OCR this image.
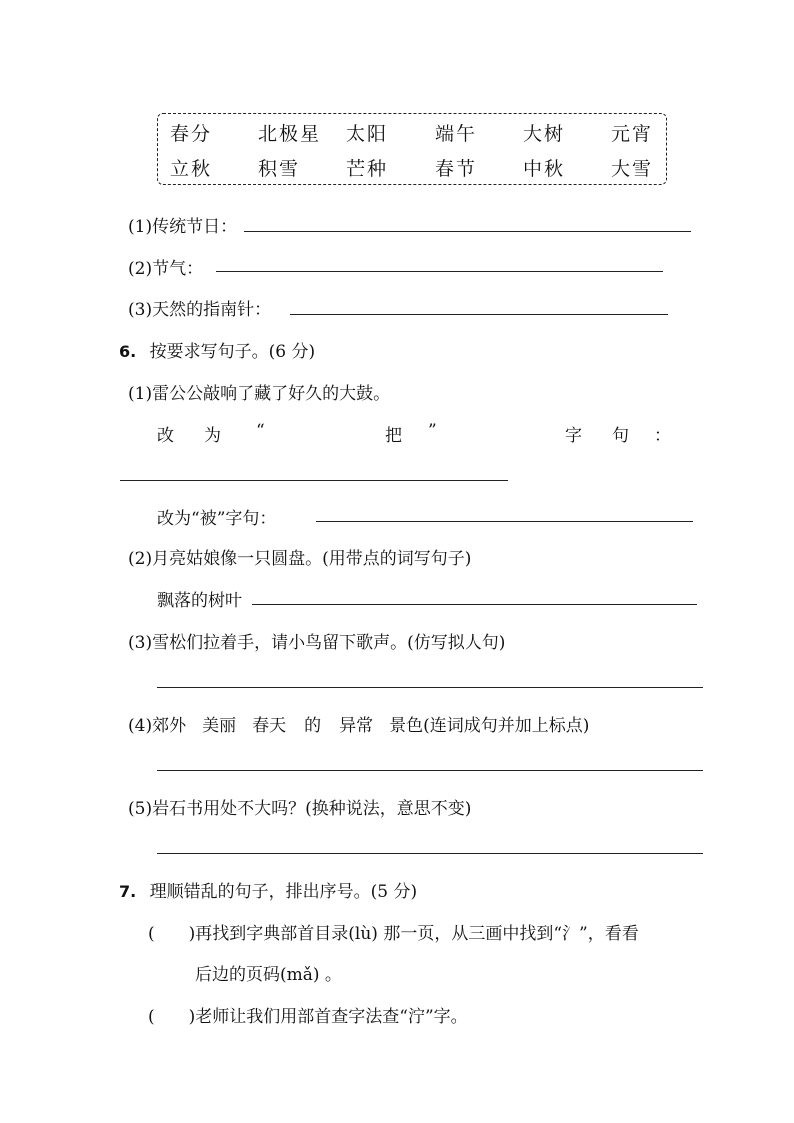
春分 北极星 太阳 端午 大树 元宵
立秋 积雪 芒种 春节 中秋 大雪
(1)传统节日：
(2)节气：
(3)天然的指南针：
6. 按要求写句子。(6 分)
(1)雷公公敲响了藏了好久的大鼓。
改 为 “	把 ”	字 句 ：
改为“被”字句：
(2)月亮姑娘像一只圆盘。(用带点的词写句子)
飘落的树叶
(3)雪松们拉着手，请小鸟留下歌声。(仿写拟人句)
(4)郊外 美丽 春天 的 异常 景色(连词成句并加上标点)
(5)岩石书用处不大吗？(换种说法，意思不变)
7. 理顺错乱的句子，排出序号。(5 分)
(　　)再找到字典部首目录(lù) 那一页，从三画中找到“氵”，看看
后边的页码(mǎ) 。
(　　)老师让我们用部首查字法查“泞”字。
